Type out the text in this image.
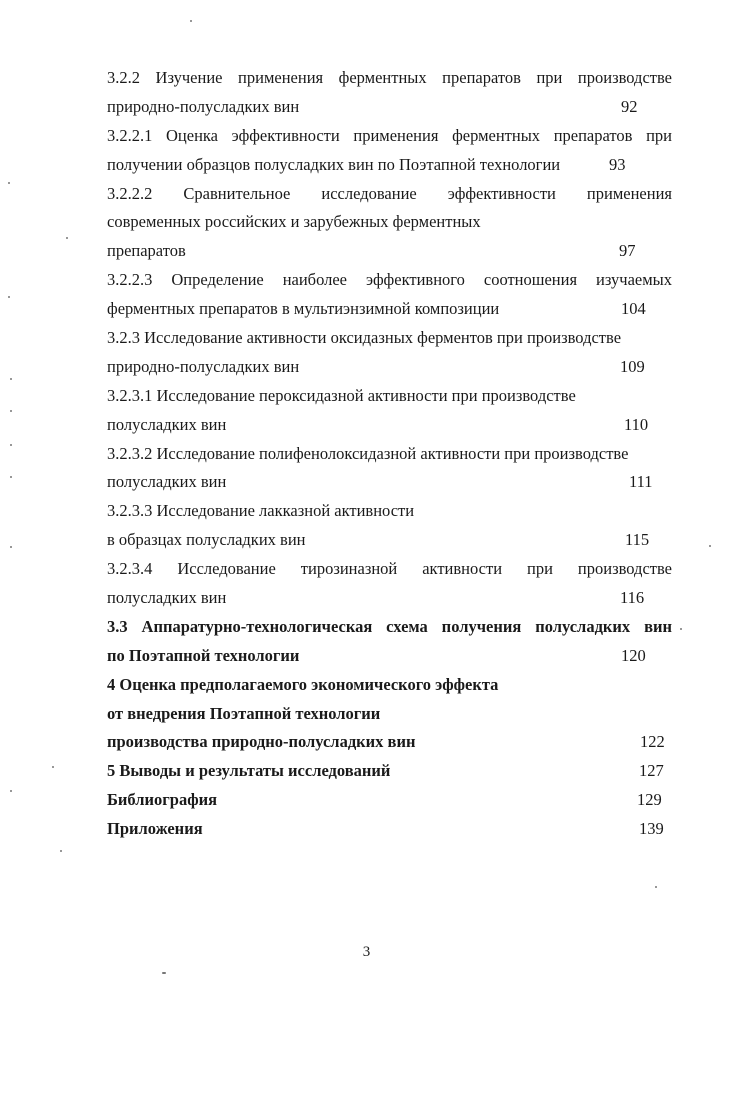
3.2.2 Изучение применения ферментных препаратов при производстве
природно-полусладких вин	92
3.2.2.1 Оценка эффективности применения ферментных препаратов при
получении образцов полусладких вин по Поэтапной технологии	93
3.2.2.2 Сравнительное исследование эффективности применения
современных российских и зарубежных ферментных
препаратов	97
3.2.2.3 Определение наиболее эффективного соотношения изучаемых
ферментных препаратов в мультиэнзимной композиции	104
3.2.3 Исследование активности оксидазных ферментов при производстве
природно-полусладких вин	109
3.2.3.1 Исследование пероксидазной активности при производстве
полусладких вин	110
3.2.3.2 Исследование полифенолоксидазной активности при производстве
полусладких вин	111
3.2.3.3 Исследование лакказной активности
в образцах полусладких вин	115
3.2.3.4 Исследование тирозиназной активности при производстве
полусладких вин	116
3.3 Аппаратурно-технологическая схема получения полусладких вин
по Поэтапной технологии	120
4 Оценка предполагаемого экономического эффекта
от внедрения Поэтапной технологии
производства природно-полусладких вин	122
5 Выводы и результаты исследований	127
Библиография	129
Приложения	139
3
